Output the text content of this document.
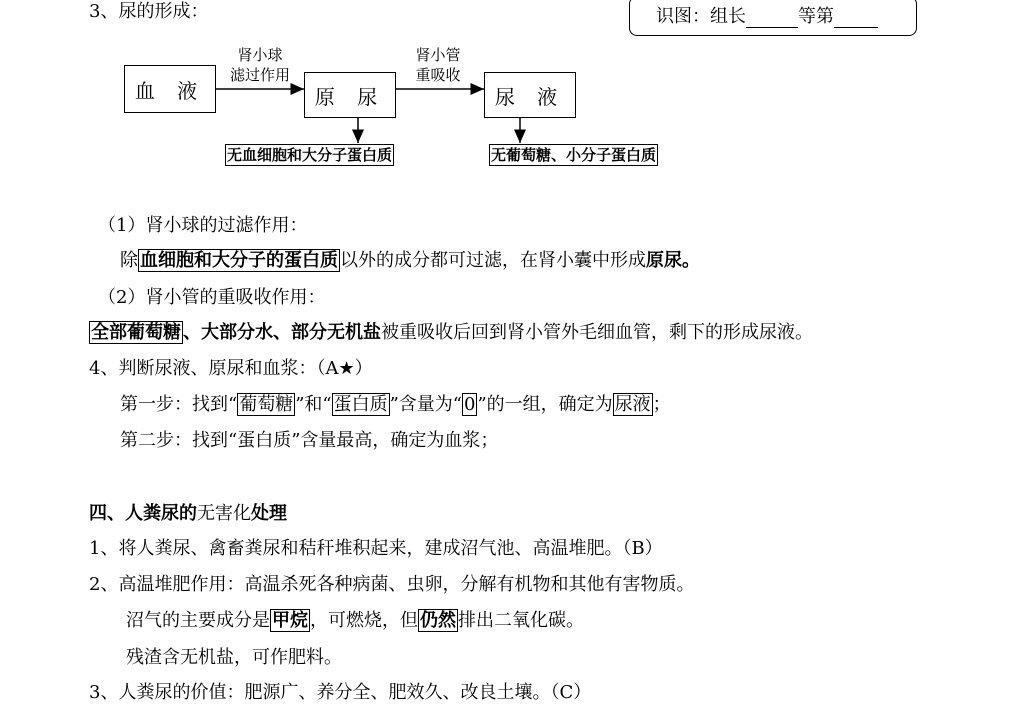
3、尿的形成：	识图：组长	等第
血 液	原 尿	尿 液
肾小球
滤过作用
肾小管
重吸收
无血细胞和大分子蛋白质	无葡萄糖、小分子蛋白质
（1）肾小球的过滤作用：
除 血细胞和大分子的蛋白质 以外的成分都可过滤，在肾小囊中形成原尿。
（2）肾小管的重吸收作用：
全部葡萄糖 、大部分水、部分无机盐被重吸收后回到肾小管外毛细血管，剩下的形成尿液。
4、判断尿液、原尿和血浆：（A★）
第一步：找到“ 葡萄糖 ”和“ 蛋白质 ”含量为“ 0 ”的一组，确定为 尿液 ；
第二步：找到“蛋白质”含量最高，确定为血浆；
四、人粪尿的无害化处理
1、将人粪尿、禽畜粪尿和秸秆堆积起来，建成沼气池、高温堆肥。（B）
2、高温堆肥作用：高温杀死各种病菌、虫卵，分解有机物和其他有害物质。
沼气的主要成分是 甲烷 ，可燃烧，但 仍然 排出二氧化碳。
残渣含无机盐，可作肥料。
3、人粪尿的价值：肥源广、养分全、肥效久、改良土壤。（C）
